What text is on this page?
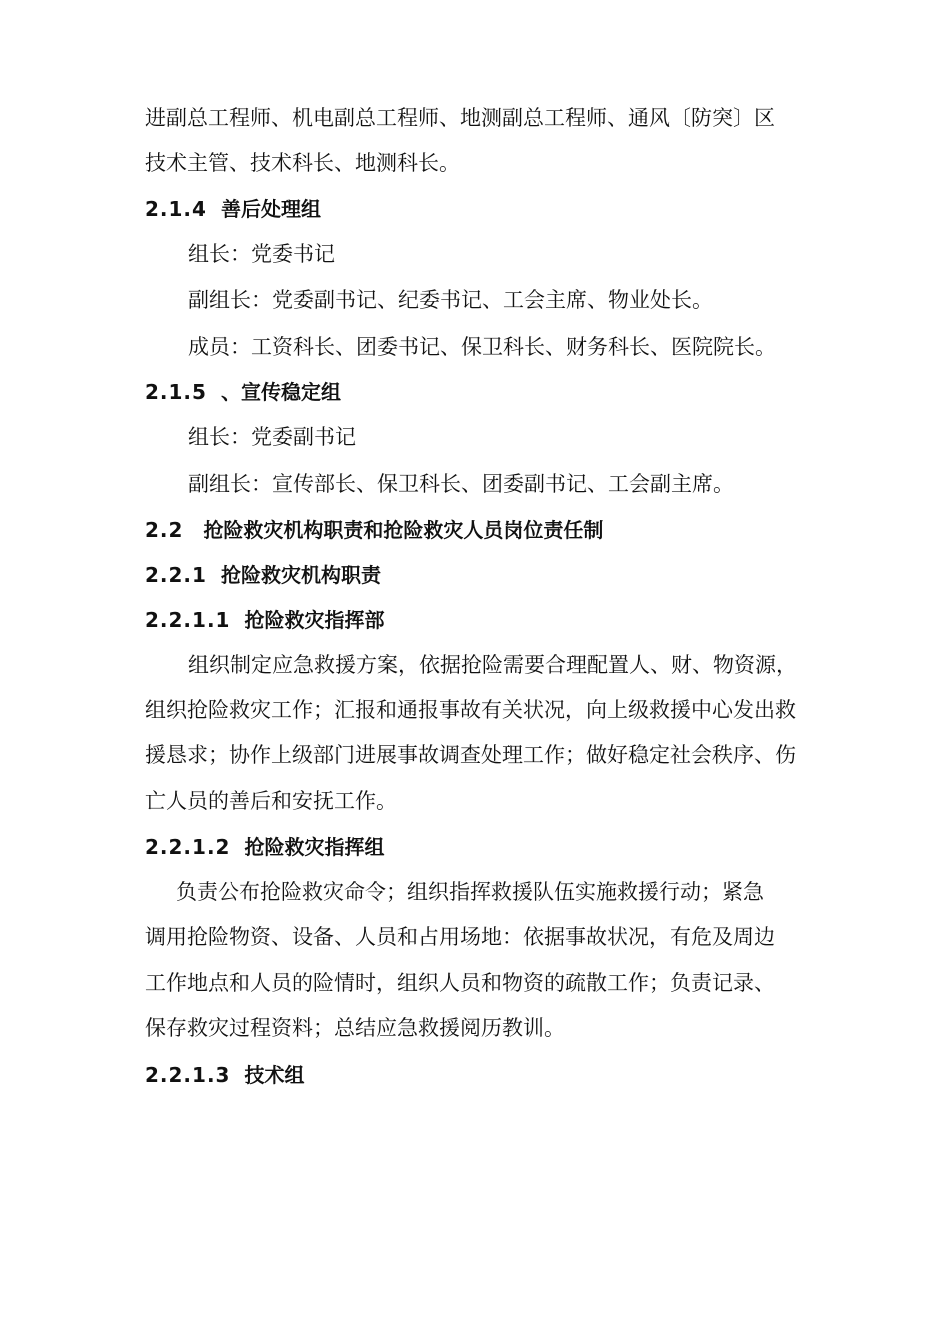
进副总工程师、机电副总工程师、地测副总工程师、通风〔防突〕区
技术主管、技术科长、地测科长。
2.1.4 善后处理组
组长：党委书记
副组长：党委副书记、纪委书记、工会主席、物业处长。
成员：工资科长、团委书记、保卫科长、财务科长、医院院长。
2.1.5 、宣传稳定组
组长：党委副书记
副组长：宣传部长、保卫科长、团委副书记、工会副主席。
2.2 抢险救灾机构职责和抢险救灾人员岗位责任制
2.2.1 抢险救灾机构职责
2.2.1.1 抢险救灾指挥部
组织制定应急救援方案，依据抢险需要合理配置人、财、物资源，
组织抢险救灾工作；汇报和通报事故有关状况，向上级救援中心发出救
援恳求；协作上级部门进展事故调查处理工作；做好稳定社会秩序、伤
亡人员的善后和安抚工作。
2.2.1.2 抢险救灾指挥组
负责公布抢险救灾命令；组织指挥救援队伍实施救援行动；紧急
调用抢险物资、设备、人员和占用场地：依据事故状况，有危及周边
工作地点和人员的险情时，组织人员和物资的疏散工作；负责记录、
保存救灾过程资料；总结应急救援阅历教训。
2.2.1.3 技术组
